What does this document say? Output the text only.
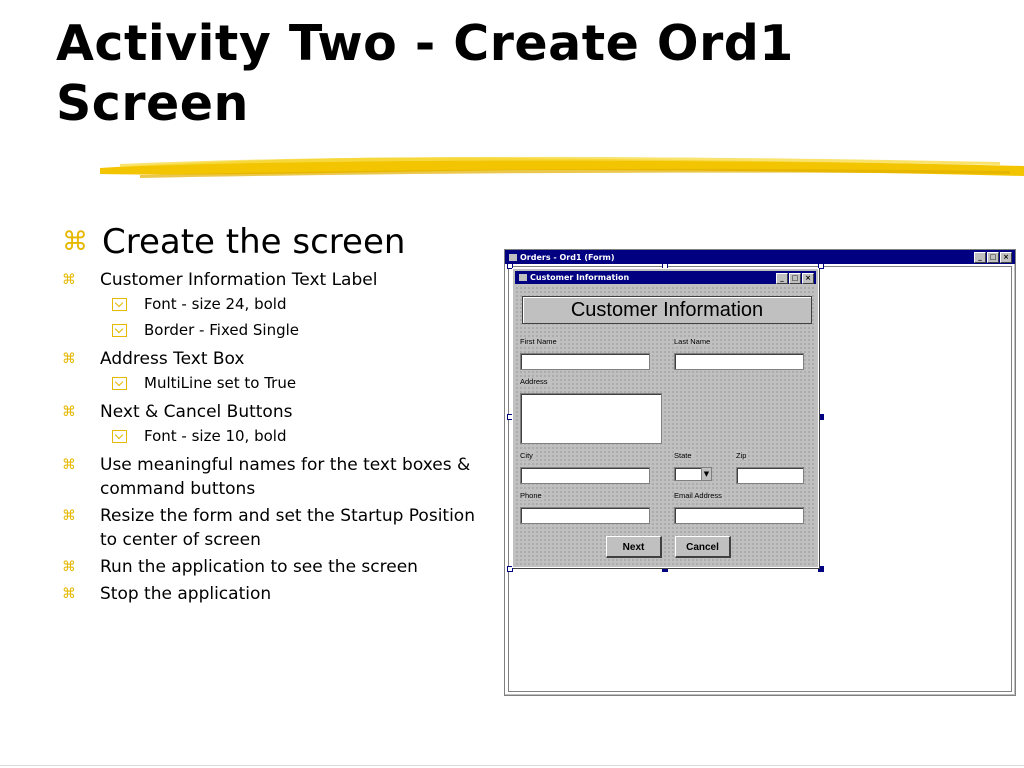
Activity Two - Create Ord1
Screen
⌘ Create the screen
⌘	Customer Information Text Label
Font - size 24, bold
Border - Fixed Single
⌘	Address Text Box
MultiLine set to True
⌘	Next & Cancel Buttons
Font - size 10, bold
⌘	Use meaningful names for the text boxes & command buttons
⌘	Resize the form and set the Startup Position to center of screen
⌘	Run the application to see the screen
⌘	Stop the application
Orders - Ord1 (Form)	_	□ ×
Customer Information	_	□ ×
Customer Information
First Name	Last Name
Address
City	State	Zip
▼
Phone	Email Address
Next	Cancel
